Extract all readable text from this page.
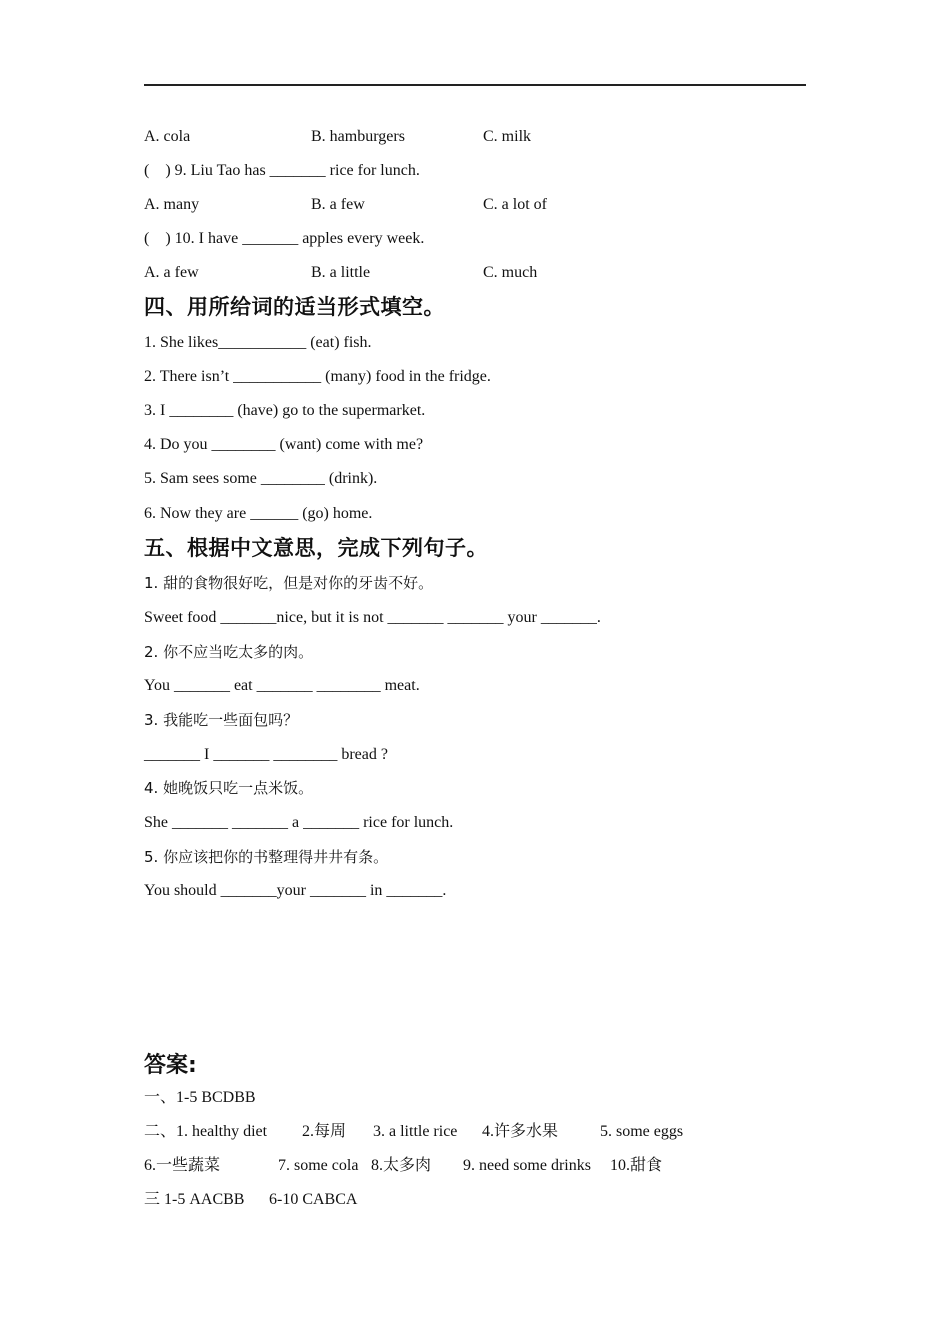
A. cola	B. hamburgers	C. milk
(    ) 9. Liu Tao has _______ rice for lunch.
A. many	B. a few	C. a lot of
(    ) 10. I have _______ apples every week.
A. a few	B. a little	C. much
四、用所给词的适当形式填空。
1. She likes___________ (eat) fish.
2. There isn’t ___________ (many) food in the fridge.
3. I ________ (have) go to the supermarket.
4. Do you ________ (want) come with me?
5. Sam sees some ________ (drink).
6. Now they are ______ (go) home.
五、根据中文意思，完成下列句子。
1. 甜的食物很好吃，但是对你的牙齿不好。
Sweet food _______nice, but it is not _______ _______ your _______.
2. 你不应当吃太多的肉。
You _______ eat _______ ________ meat.
3. 我能吃一些面包吗？
_______ I _______ ________ bread ?
4. 她晚饭只吃一点米饭。
She _______ _______ a _______ rice for lunch.
5. 你应该把你的书整理得井井有条。
You should _______your _______ in _______.
答案:
一、1-5 BCDBB
二、1. healthy diet 2.每周 3. a little rice 4.许多水果	5. some eggs
6.一些蔬菜	7. some cola 8.太多肉 9. need some drinks 10.甜食
三 1-5 AACBB 6-10 CABCA
